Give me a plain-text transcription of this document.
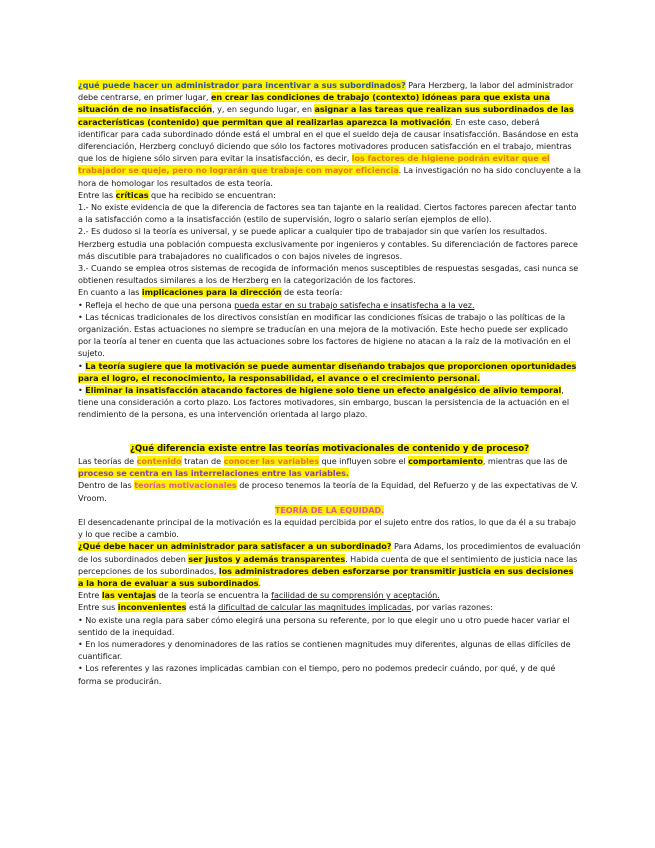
¿qué puede hacer un administrador para incentivar a sus subordinados? Para Herzberg, la labor del administrador debe centrarse, en primer lugar, en crear las condiciones de trabajo (contexto) idóneas para que exista una situación de no insatisfacción, y, en segundo lugar, en asignar a las tareas que realizan sus subordinados de las características (contenido) que permitan que al realizarlas aparezca la motivación. En este caso, deberá identificar para cada subordinado dónde está el umbral en el que el sueldo deja de causar insatisfacción. Basándose en esta diferenciación, Herzberg concluyó diciendo que sólo los factores motivadores producen satisfacción en el trabajo, mientras que los de higiene sólo sirven para evitar la insatisfacción, es decir, los factores de higiene podrán evitar que el trabajador se queje, pero no lograrán que trabaje con mayor eficiencia. La investigación no ha sido concluyente a la hora de homologar los resultados de esta teoría.

Entre las críticas que ha recibido se encuentran:

1.- No existe evidencia de que la diferencia de factores sea tan tajante en la realidad. Ciertos factores parecen afectar tanto a la satisfacción como a la insatisfacción (estilo de supervisión, logro o salario serían ejemplos de ello).

2.- Es dudoso si la teoría es universal, y se puede aplicar a cualquier tipo de trabajador sin que varíen los resultados. Herzberg estudia una población compuesta exclusivamente por ingenieros y contables. Su diferenciación de factores parece más discutible para trabajadores no cualificados o con bajos niveles de ingresos.

3.- Cuando se emplea otros sistemas de recogida de información menos susceptibles de respuestas sesgadas, casi nunca se obtienen resultados similares a los de Herzberg en la categorización de los factores.

En cuanto a las implicaciones para la dirección de esta teoría:

• Refleja el hecho de que una persona pueda estar en su trabajo satisfecha e insatisfecha a la vez.

• Las técnicas tradicionales de los directivos consistían en modificar las condiciones físicas de trabajo o las políticas de la organización. Estas actuaciones no siempre se traducían en una mejora de la motivación. Este hecho puede ser explicado por la teoría al tener en cuenta que las actuaciones sobre los factores de higiene no atacan a la raíz de la motivación en el sujeto.

• La teoría sugiere que la motivación se puede aumentar diseñando trabajos que proporcionen oportunidades para el logro, el reconocimiento, la responsabilidad, el avance o el crecimiento personal.

• Eliminar la insatisfacción atacando factores de higiene solo tiene un efecto analgésico de alivio temporal, tiene una consideración a corto plazo. Los factores motivadores, sin embargo, buscan la persistencia de la actuación en el rendimiento de la persona, es una intervención orientada al largo plazo.

¿Qué diferencia existe entre las teorías motivacionales de contenido y de proceso?

Las teorías de contenido tratan de conocer las variables que influyen sobre el comportamiento, mientras que las de proceso se centra en las interrelaciones entre las variables.

Dentro de las teorías motivacionales de proceso tenemos la teoría de la Equidad, del Refuerzo y de las expectativas de V. Vroom.

TEORÍA DE LA EQUIDAD.

El desencadenante principal de la motivación es la equidad percibida por el sujeto entre dos ratios, lo que da él a su trabajo y lo que recibe a cambio.

¿Qué debe hacer un administrador para satisfacer a un subordinado? Para Adams, los procedimientos de evaluación de los subordinados deben ser justos y además transparentes. Habida cuenta de que el sentimiento de justicia nace las percepciones de los subordinados, los administradores deben esforzarse por transmitir justicia en sus decisiones a la hora de evaluar a sus subordinados.

Entre las ventajas de la teoría se encuentra la facilidad de su comprensión y aceptación.

Entre sus inconvenientes está la dificultad de calcular las magnitudes implicadas, por varias razones:

• No existe una regla para saber cómo elegirá una persona su referente, por lo que elegir uno u otro puede hacer variar el sentido de la inequidad.

• En los numeradores y denominadores de las ratios se contienen magnitudes muy diferentes, algunas de ellas difíciles de cuantificar.

• Los referentes y las razones implicadas cambian con el tiempo, pero no podemos predecir cuándo, por qué, y de qué forma se producirán.
